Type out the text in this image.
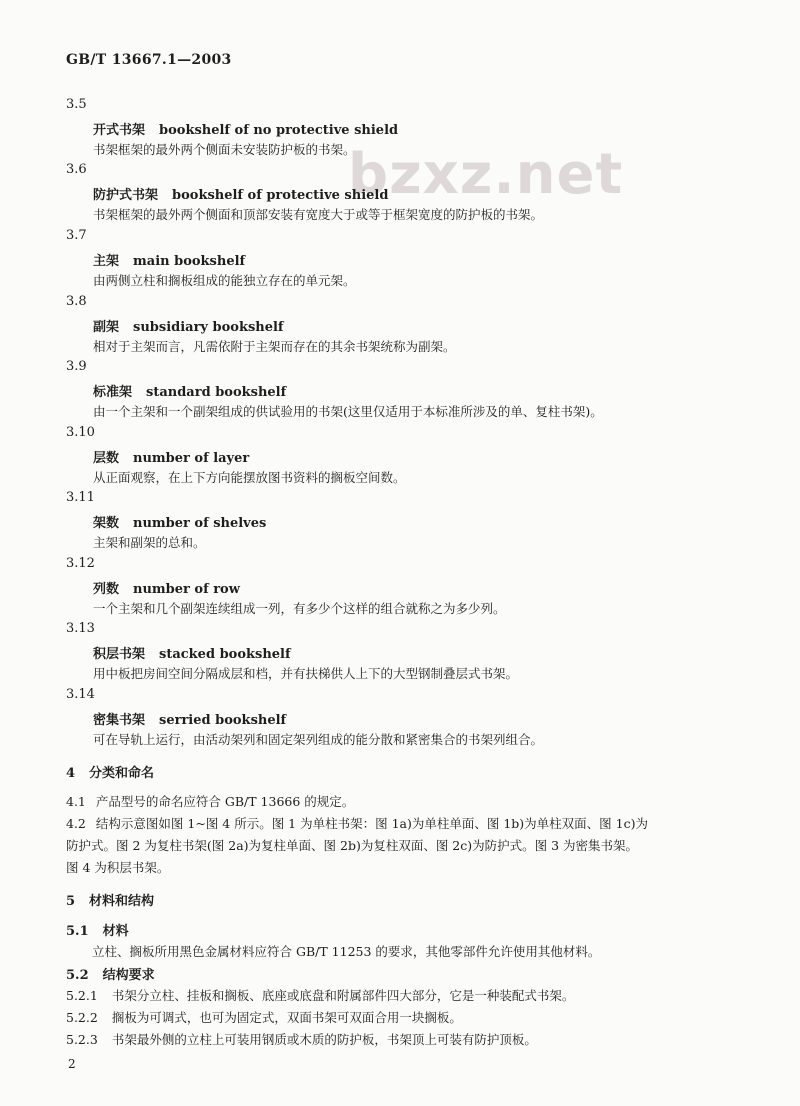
GB/T 13667.1—2003
bzxz.net
3.5
开式书架 bookshelf of no protective shield
书架框架的最外两个侧面未安装防护板的书架。
3.6
防护式书架 bookshelf of protective shield
书架框架的最外两个侧面和顶部安装有宽度大于或等于框架宽度的防护板的书架。
3.7
主架 main bookshelf
由两侧立柱和搁板组成的能独立存在的单元架。
3.8
副架 subsidiary bookshelf
相对于主架而言，凡需依附于主架而存在的其余书架统称为副架。
3.9
标准架 standard bookshelf
由一个主架和一个副架组成的供试验用的书架(这里仅适用于本标准所涉及的单、复柱书架)。
3.10
层数 number of layer
从正面观察，在上下方向能摆放图书资料的搁板空间数。
3.11
架数 number of shelves
主架和副架的总和。
3.12
列数 number of row
一个主架和几个副架连续组成一列，有多少个这样的组合就称之为多少列。
3.13
积层书架 stacked bookshelf
用中板把房间空间分隔成层和档，并有扶梯供人上下的大型钢制叠层式书架。
3.14
密集书架 serried bookshelf
可在导轨上运行，由活动架列和固定架列组成的能分散和紧密集合的书架列组合。
4 分类和命名
4.1 产品型号的命名应符合 GB/T 13666 的规定。
4.2 结构示意图如图 1~图 4 所示。图 1 为单柱书架：图 1a)为单柱单面、图 1b)为单柱双面、图 1c)为
防护式。图 2 为复柱书架(图 2a)为复柱单面、图 2b)为复柱双面、图 2c)为防护式。图 3 为密集书架。
图 4 为积层书架。
5 材料和结构
5.1 材料
立柱、搁板所用黑色金属材料应符合 GB/T 11253 的要求，其他零部件允许使用其他材料。
5.2 结构要求
5.2.1 书架分立柱、挂板和搁板、底座或底盘和附属部件四大部分，它是一种装配式书架。
5.2.2 搁板为可调式，也可为固定式，双面书架可双面合用一块搁板。
5.2.3 书架最外侧的立柱上可装用钢质或木质的防护板，书架顶上可装有防护顶板。
2
